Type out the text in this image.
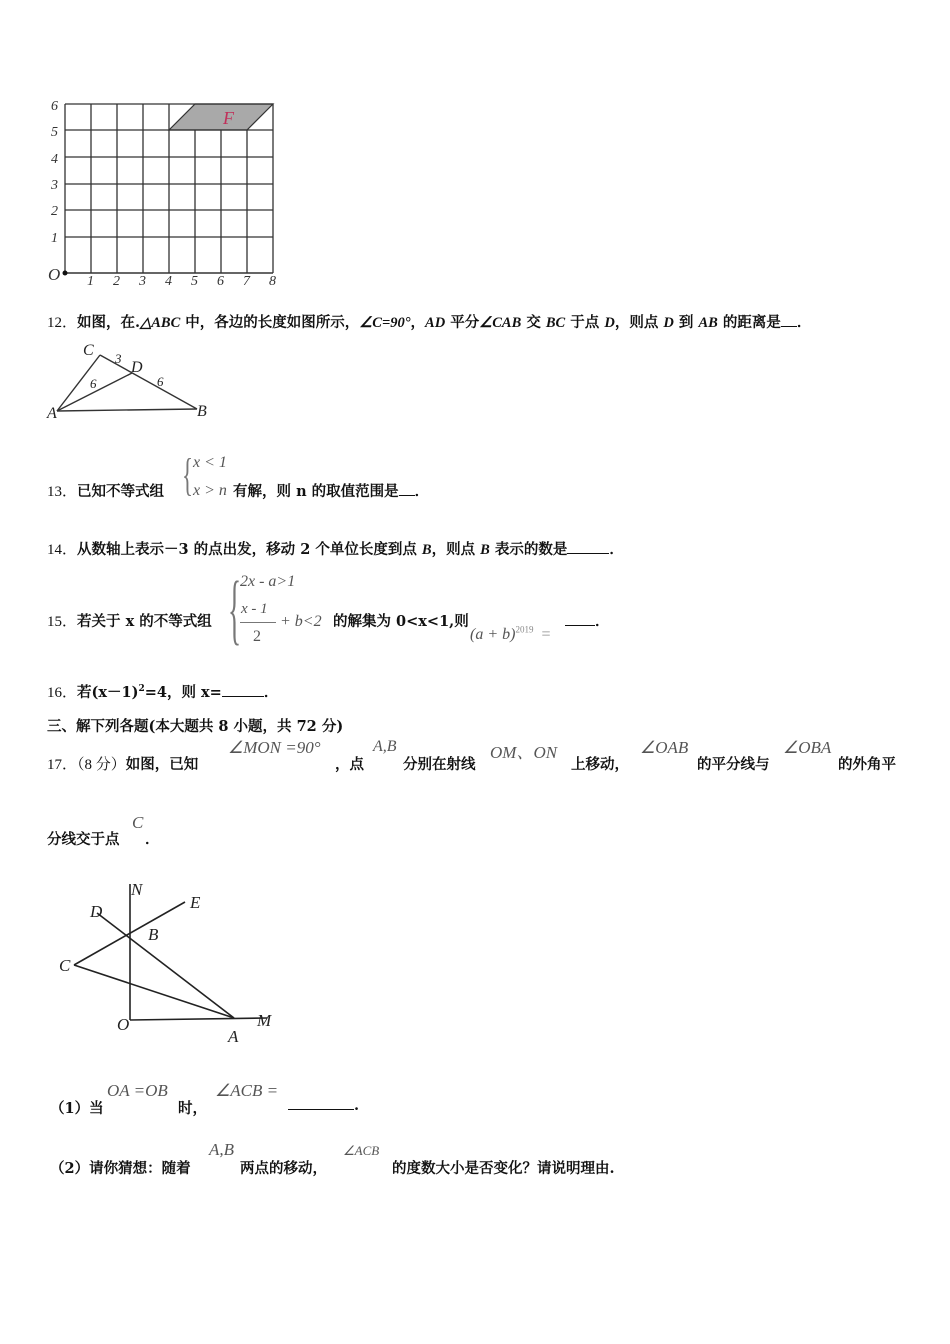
F
6
5
4
3
2
1
O 1 2 3 4 5 6 7 8
12．如图，在.△ABC 中，各边的长度如图所示，∠C=90°，AD 平分∠CAB 交 BC 于点 D，则点 D 到 AB 的距离是 ．
C
D
A	B
3
6	6
13．已知不等式组 { x < 1
x > n 有解，则 n 的取值范围是 ．
14．从数轴上表示－3 的点出发，移动 2 个单位长度到点 B，则点 B 表示的数是	．
15．若关于 x 的不等式组 {
2x - a>1
x - 1
2
+ b<2 的解集为 0<x<1,则
$(a + b)^{2019}$ =
．
16．若$(x-1)^2=4$，则 x=	．
三、解下列各题(本大题共 8 小题，共 72 分)
17．（8 分）如图，已知
∠MON =90°
，点
A,B
分别在射线
OM、ON
上移动，
∠OAB
的平分线与
∠OBA
的外角平
分线交于点
C
．
N
E
D
B
C
O
A
M
（1）当
OA =OB
时，
∠ACB =
.
（2）请你猜想：随着
A,B
两点的移动，
∠ACB
的度数大小是否变化？请说明理由.
